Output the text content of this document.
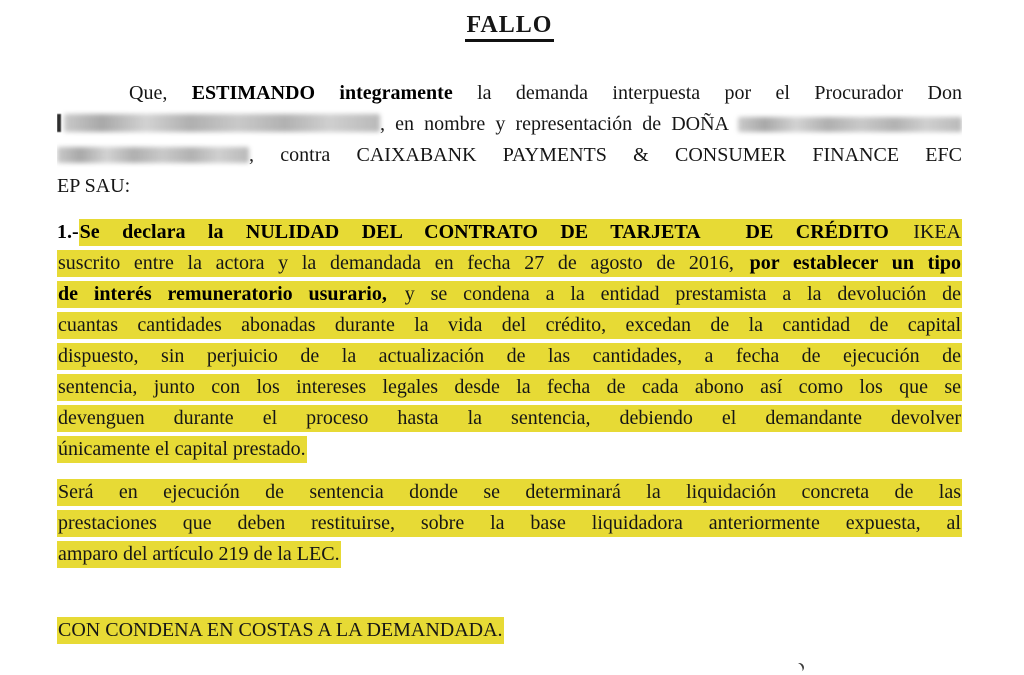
FALLO
Que, ESTIMANDO integramente la demanda interpuesta por el Procurador Don
, en nombre y representación de DOÑA
, contra CAIXABANK PAYMENTS & CONSUMER FINANCE EFC
EP SAU:
1.-Se declara la NULIDAD DEL CONTRATO DE TARJETA  DE CRÉDITO IKEA
suscrito entre la actora y la demandada en fecha 27 de agosto de 2016, por establecer un tipo
de interés remuneratorio usurario, y se condena a la entidad prestamista a la devolución de
cuantas cantidades abonadas durante la vida del crédito, excedan de la cantidad de capital
dispuesto, sin perjuicio de la actualización de las cantidades, a fecha de ejecución de
sentencia, junto con los intereses legales desde la fecha de cada abono así como los que se
devenguen durante el proceso hasta la sentencia, debiendo el demandante devolver
únicamente el capital prestado.
Será en ejecución de sentencia donde se determinará la liquidación concreta de las
prestaciones que deben restituirse, sobre la base liquidadora anteriormente expuesta, al
amparo del artículo 219 de la LEC.
CON CONDENA EN COSTAS A LA DEMANDADA.
